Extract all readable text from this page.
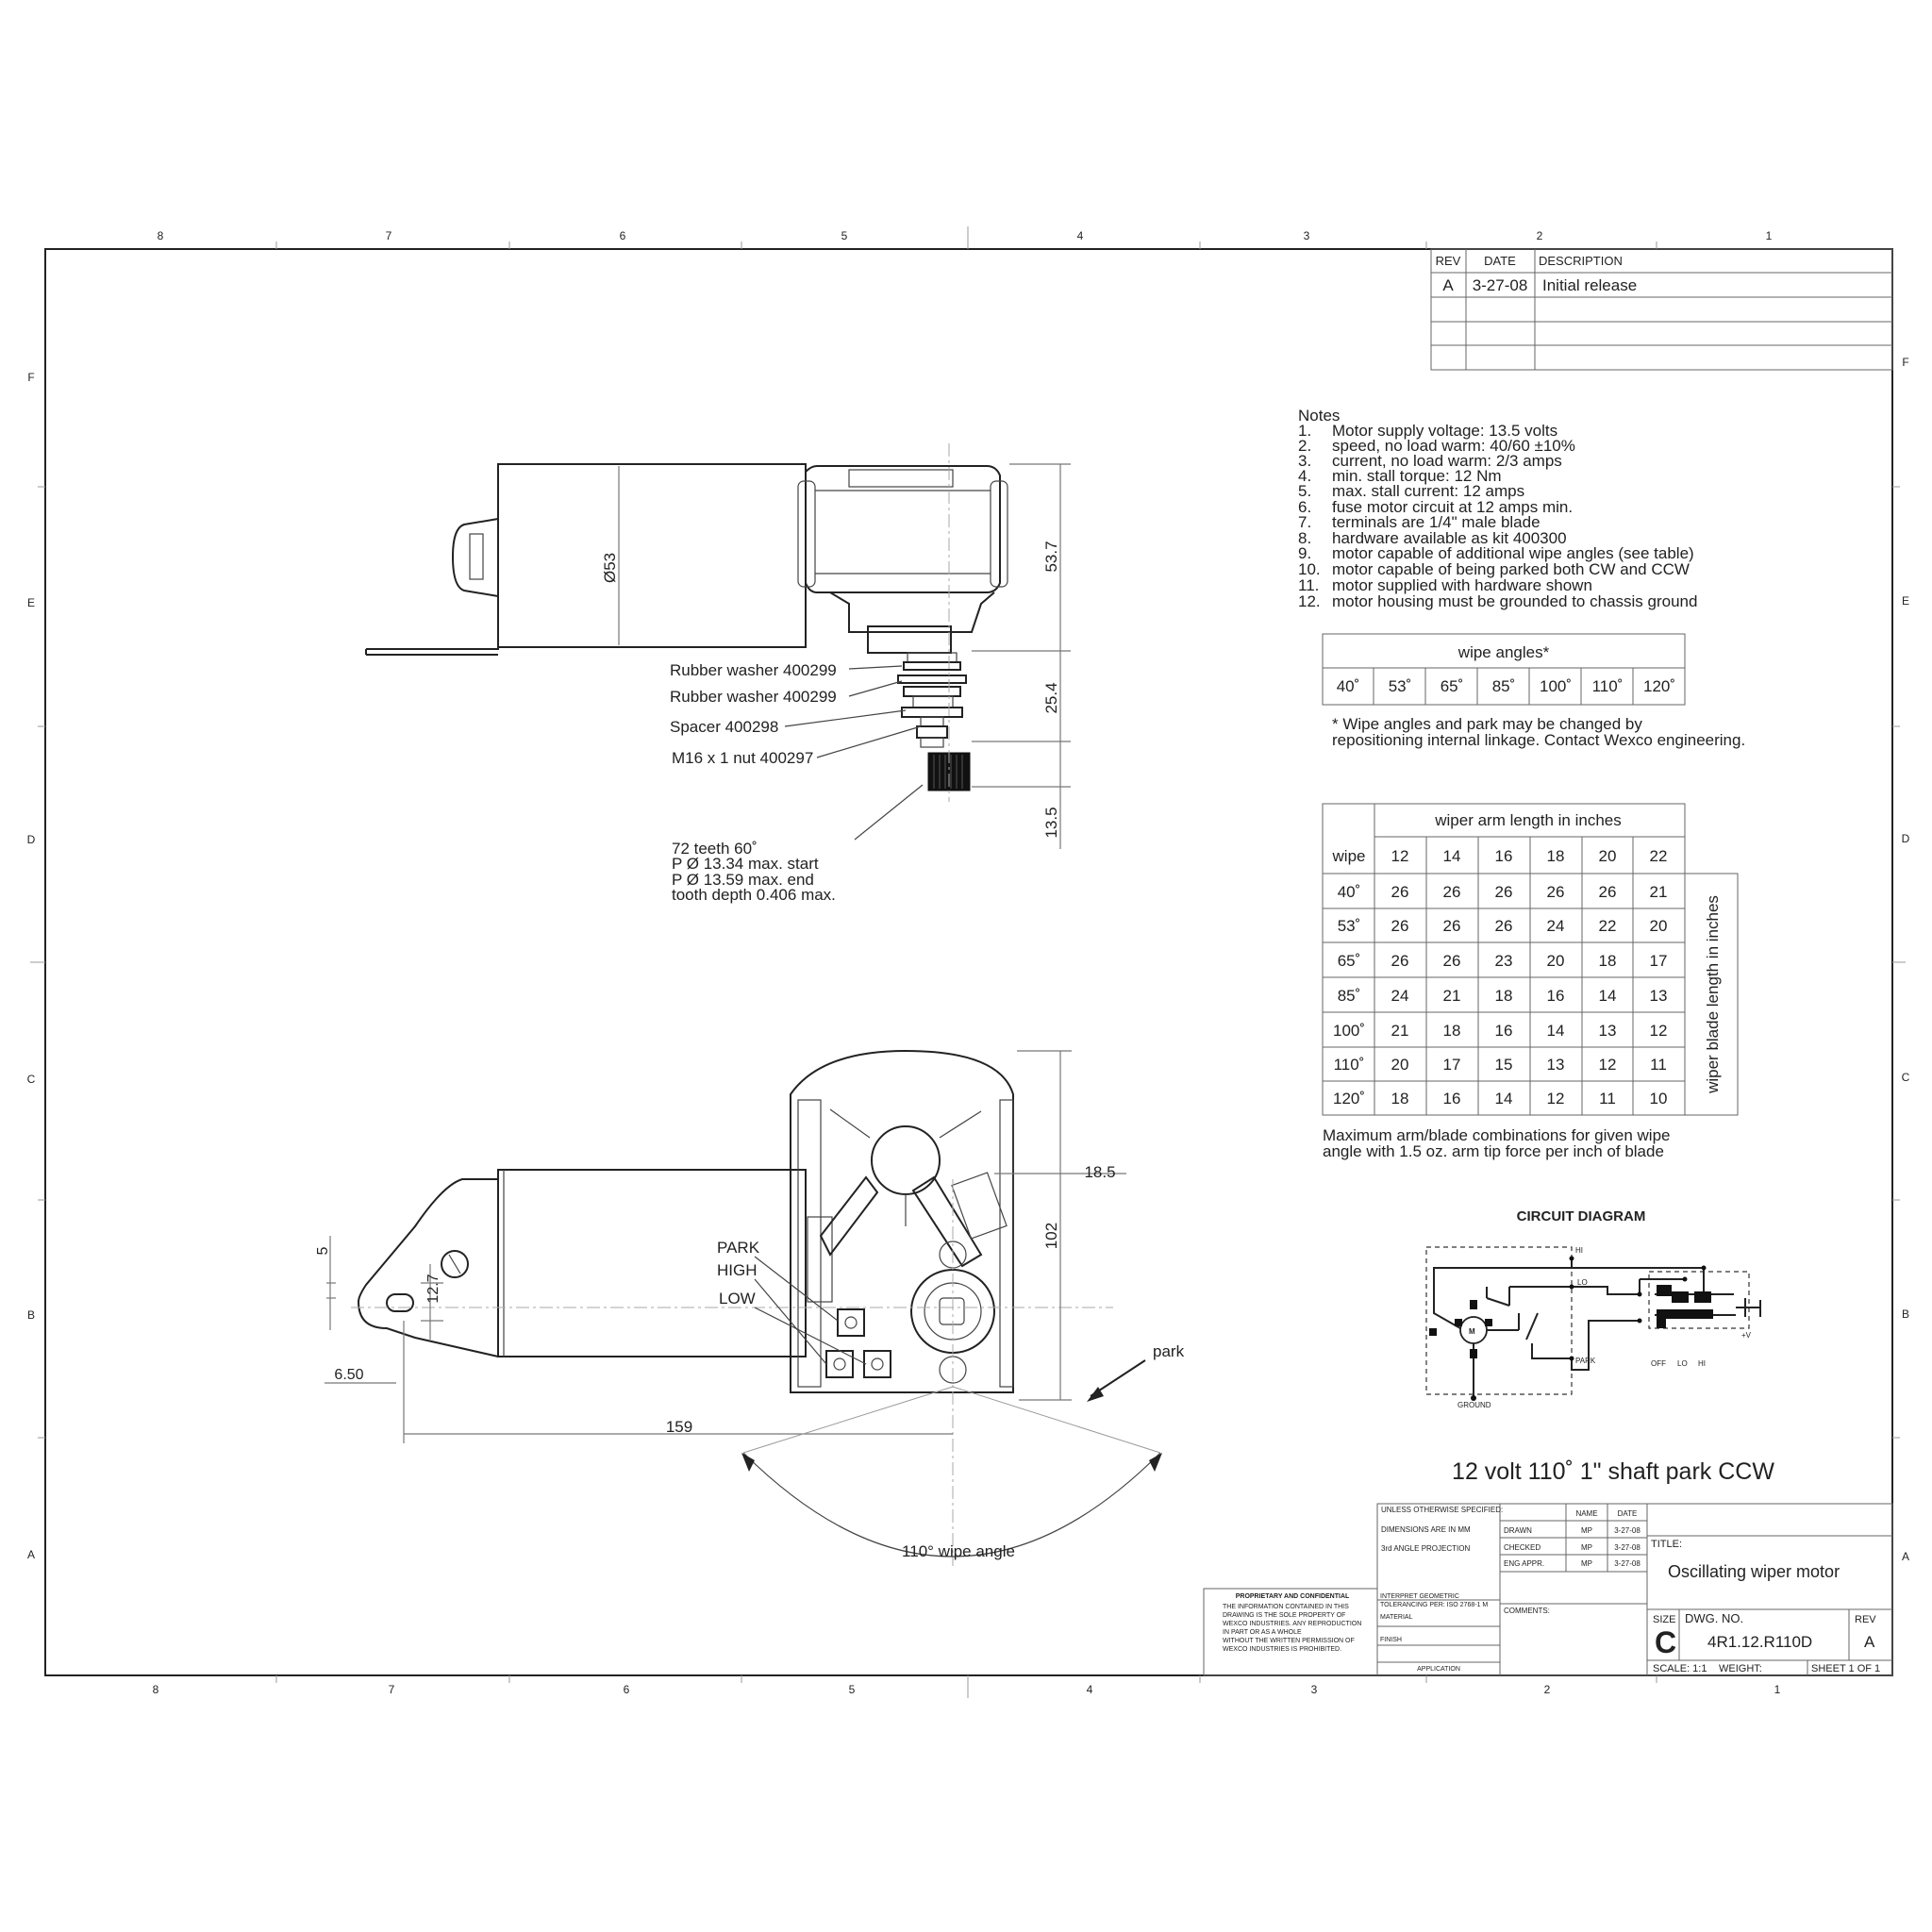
8	7	6	5	4	3	2	1
8	7	6	5	4	3	2	1
F
E
D
C
B
A
F
E
D
C
B
A
REV DATE DESCRIPTION
A 3-27-08 Initial release
Notes
1. Motor supply voltage: 13.5 volts
2. speed, no load warm: 40/60 ±10%
3. current, no load warm: 2/3 amps
4. min. stall torque: 12 Nm
5. max. stall current: 12 amps
6. fuse motor circuit at 12 amps min.
7. terminals are 1/4" male blade
8. hardware available as kit 400300
9. motor capable of additional wipe angles (see table)
10. motor capable of being parked both CW and CCW
11. motor supplied with hardware shown
12. motor housing must be grounded to chassis ground
wipe angles*
40˚ 53˚ 65˚ 85˚ 100˚ 110˚ 120˚
* Wipe angles and park may be changed by
repositioning internal linkage. Contact Wexco engineering.
wiper arm length in inches
wipe
wiper blade length in inches
12 14 16 18 20 22
40˚ 26 26 26 26 26 21
53˚ 26 26 26 24 22 20
65˚ 26 26 23 20 18 17
85˚ 24 21 18 16 14 13
100˚ 21 18 16 14 13 12
110˚ 20 17 15 13 12 11
120˚ 18 16 14 12 11 10
Maximum arm/blade combinations for given wipe
angle with 1.5 oz. arm tip force per inch of blade
CIRCUIT DIAGRAM
HI
LO
PARK
GROUND
M
OFF LO HI
+V
12 volt 110˚ 1" shaft park CCW
Ø53	53.7
25.4
13.5
Rubber washer 400299
Rubber washer 400299
Spacer 400298
M16 x 1 nut 400297
72 teeth 60˚
P Ø 13.34 max. start
P Ø 13.59 max. end
tooth depth 0.406 max.
PARK
HIGH
LOW
18.5
102
5
12.7
6.50
159
park
110° wipe angle
UNLESS OTHERWISE SPECIFIED:
DIMENSIONS ARE IN MM
3rd ANGLE PROJECTION
INTERPRET GEOMETRIC
TOLERANCING PER: ISO 2768-1 M
MATERIAL
FINISH
APPLICATION
NAME	DATE
DRAWN	MP	3-27-08
CHECKED	MP	3-27-08
ENG APPR.	MP	3-27-08
COMMENTS:
TITLE:
Oscillating wiper motor
SIZE
C
DWG. NO.
4R1.12.R110D
REV
A
SCALE: 1:1 WEIGHT:	SHEET 1 OF 1
PROPRIETARY AND CONFIDENTIAL
THE INFORMATION CONTAINED IN THIS
DRAWING IS THE SOLE PROPERTY OF
WEXCO INDUSTRIES. ANY REPRODUCTION
IN PART OR AS A WHOLE
WITHOUT THE WRITTEN PERMISSION OF
WEXCO INDUSTRIES IS PROHIBITED.
